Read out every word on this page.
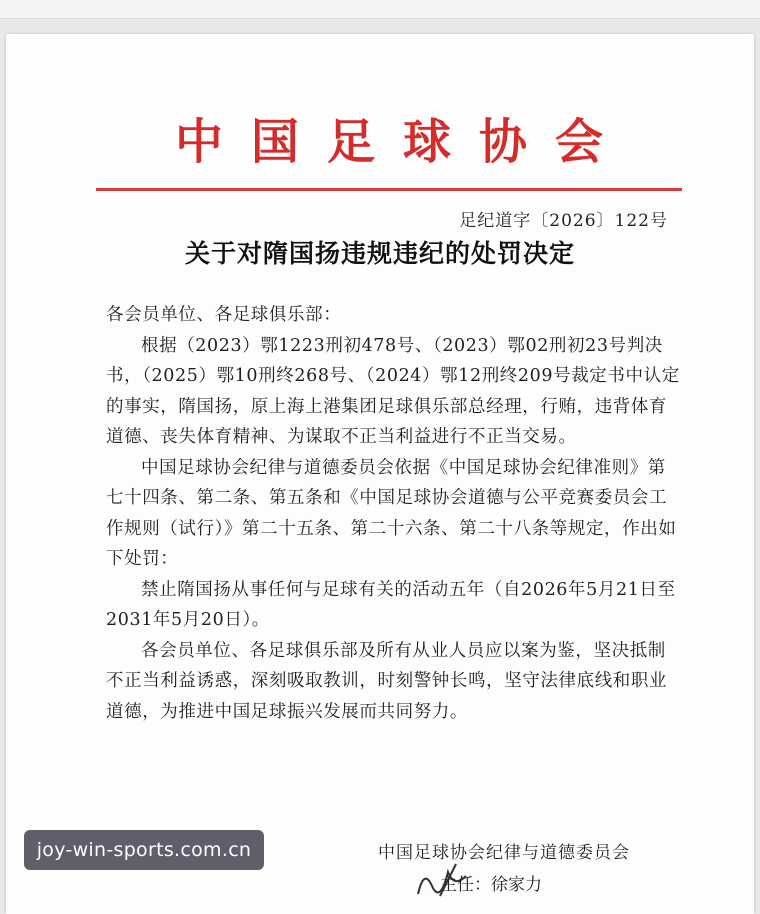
中国足球协会
足纪道字〔2026〕122号
关于对隋国扬违规违纪的处罚决定

各会员单位、各足球俱乐部：

根据（2023）鄂1223刑初478号、（2023）鄂02刑初23号判决书，（2025）鄂10刑终268号、（2024）鄂12刑终209号裁定书中认定的事实，隋国扬，原上海上港集团足球俱乐部总经理，行贿，违背体育道德、丧失体育精神、为谋取不正当利益进行不正当交易。

中国足球协会纪律与道德委员会依据《中国足球协会纪律准则》第七十四条、第二条、第五条和《中国足球协会道德与公平竞赛委员会工作规则（试行）》第二十五条、第二十六条、第二十八条等规定，作出如下处罚：

禁止隋国扬从事任何与足球有关的活动五年（自2026年5月21日至2031年5月20日）。

各会员单位、各足球俱乐部及所有从业人员应以案为鉴，坚决抵制不正当利益诱惑，深刻吸取教训，时刻警钟长鸣，坚守法律底线和职业道德，为推进中国足球振兴发展而共同努力。

中国足球协会纪律与道德委员会
主任：徐家力
joy-win-sports.com.cn
